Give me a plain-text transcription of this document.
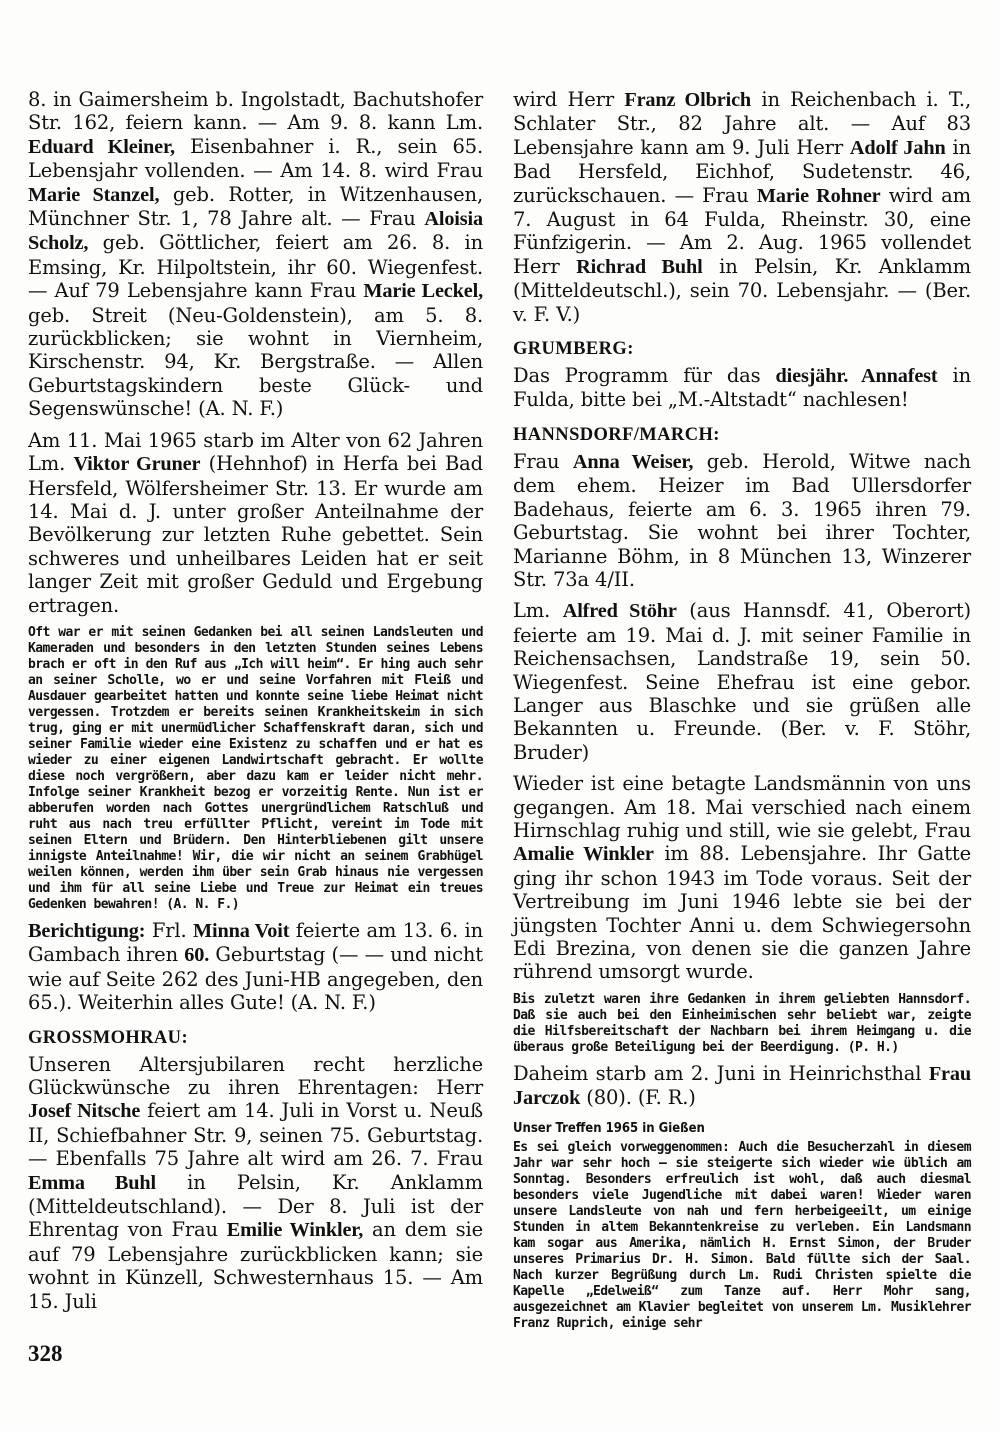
8. in Gaimersheim b. Ingolstadt, Bachutshofer Str. 162, feiern kann. — Am 9. 8. kann Lm. Eduard Kleiner, Eisenbahner i. R., sein 65. Lebensjahr vollenden. — Am 14. 8. wird Frau Marie Stanzel, geb. Rotter, in Witzenhausen, Münchner Str. 1, 78 Jahre alt. — Frau Aloisia Scholz, geb. Göttlicher, feiert am 26. 8. in Emsing, Kr. Hilpoltstein, ihr 60. Wiegenfest. — Auf 79 Lebensjahre kann Frau Marie Leckel, geb. Streit (Neu-Goldenstein), am 5. 8. zurückblicken; sie wohnt in Viernheim, Kirschenstr. 94, Kr. Bergstraße. — Allen Geburtstagskindern beste Glück- und Segenswünsche! (A. N. F.)

Am 11. Mai 1965 starb im Alter von 62 Jahren Lm. Viktor Gruner (Hehnhof) in Herfa bei Bad Hersfeld, Wölfersheimer Str. 13. Er wurde am 14. Mai d. J. unter großer Anteilnahme der Bevölkerung zur letzten Ruhe gebettet. Sein schweres und unheilbares Leiden hat er seit langer Zeit mit großer Geduld und Ergebung ertragen.

Oft war er mit seinen Gedanken bei all seinen Landsleuten und Kameraden und besonders in den letzten Stunden seines Lebens brach er oft in den Ruf aus „Ich will heim“. Er hing auch sehr an seiner Scholle, wo er und seine Vorfahren mit Fleiß und Ausdauer gearbeitet hatten und konnte seine liebe Heimat nicht vergessen. Trotzdem er bereits seinen Krankheitskeim in sich trug, ging er mit unermüdlicher Schaffenskraft daran, sich und seiner Familie wieder eine Existenz zu schaffen und er hat es wieder zu einer eigenen Landwirtschaft gebracht. Er wollte diese noch vergrößern, aber dazu kam er leider nicht mehr. Infolge seiner Krankheit bezog er vorzeitig Rente. Nun ist er abberufen worden nach Gottes unergründlichem Ratschluß und ruht aus nach treu erfüllter Pflicht, vereint im Tode mit seinen Eltern und Brüdern. Den Hinterbliebenen gilt unsere innigste Anteilnahme! Wir, die wir nicht an seinem Grabhügel weilen können, werden ihm über sein Grab hinaus nie vergessen und ihm für all seine Liebe und Treue zur Heimat ein treues Gedenken bewahren! (A. N. F.)

Berichtigung: Frl. Minna Voit feierte am 13. 6. in Gambach ihren 60. Geburtstag (— — und nicht wie auf Seite 262 des Juni-HB angegeben, den 65.). Weiterhin alles Gute! (A. N. F.)

GROSSMOHRAU:

Unseren Altersjubilaren recht herzliche Glückwünsche zu ihren Ehrentagen: Herr Josef Nitsche feiert am 14. Juli in Vorst u. Neuß II, Schiefbahner Str. 9, seinen 75. Geburtstag. — Ebenfalls 75 Jahre alt wird am 26. 7. Frau Emma Buhl in Pelsin, Kr. Anklamm (Mitteldeutschland). — Der 8. Juli ist der Ehrentag von Frau Emilie Winkler, an dem sie auf 79 Lebensjahre zurückblicken kann; sie wohnt in Künzell, Schwesternhaus 15. — Am 15. Juli

wird Herr Franz Olbrich in Reichenbach i. T., Schlater Str., 82 Jahre alt. — Auf 83 Lebensjahre kann am 9. Juli Herr Adolf Jahn in Bad Hersfeld, Eichhof, Sudetenstr. 46, zurückschauen. — Frau Marie Rohner wird am 7. August in 64 Fulda, Rheinstr. 30, eine Fünfzigerin. — Am 2. Aug. 1965 vollendet Herr Richrad Buhl in Pelsin, Kr. Anklamm (Mitteldeutschl.), sein 70. Lebensjahr. — (Ber. v. F. V.)

GRUMBERG:

Das Programm für das diesjähr. Annafest in Fulda, bitte bei „M.-Altstadt“ nachlesen!

HANNSDORF/MARCH:

Frau Anna Weiser, geb. Herold, Witwe nach dem ehem. Heizer im Bad Ullersdorfer Badehaus, feierte am 6. 3. 1965 ihren 79. Geburtstag. Sie wohnt bei ihrer Tochter, Marianne Böhm, in 8 München 13, Winzerer Str. 73a 4/II.

Lm. Alfred Stöhr (aus Hannsdf. 41, Oberort) feierte am 19. Mai d. J. mit seiner Familie in Reichensachsen, Landstraße 19, sein 50. Wiegenfest. Seine Ehefrau ist eine gebor. Langer aus Blaschke und sie grüßen alle Bekannten u. Freunde. (Ber. v. F. Stöhr, Bruder)

Wieder ist eine betagte Landsmännin von uns gegangen. Am 18. Mai verschied nach einem Hirnschlag ruhig und still, wie sie gelebt, Frau Amalie Winkler im 88. Lebensjahre. Ihr Gatte ging ihr schon 1943 im Tode voraus. Seit der Vertreibung im Juni 1946 lebte sie bei der jüngsten Tochter Anni u. dem Schwiegersohn Edi Brezina, von denen sie die ganzen Jahre rührend umsorgt wurde.

Bis zuletzt waren ihre Gedanken in ihrem geliebten Hannsdorf. Daß sie auch bei den Einheimischen sehr beliebt war, zeigte die Hilfsbereitschaft der Nachbarn bei ihrem Heimgang u. die überaus große Beteiligung bei der Beerdigung. (P. H.)

Daheim starb am 2. Juni in Heinrichsthal Frau Jarczok (80). (F. R.)

Unser Treffen 1965 in Gießen

Es sei gleich vorweggenommen: Auch die Besucherzahl in diesem Jahr war sehr hoch — sie steigerte sich wieder wie üblich am Sonntag. Besonders erfreulich ist wohl, daß auch diesmal besonders viele Jugendliche mit dabei waren! Wieder waren unsere Landsleute von nah und fern herbeigeeilt, um einige Stunden in altem Bekanntenkreise zu verleben. Ein Landsmann kam sogar aus Amerika, nämlich H. Ernst Simon, der Bruder unseres Primarius Dr. H. Simon. Bald füllte sich der Saal. Nach kurzer Begrüßung durch Lm. Rudi Christen spielte die Kapelle „Edelweiß“ zum Tanze auf. Herr Mohr sang, ausgezeichnet am Klavier begleitet von unserem Lm. Musiklehrer Franz Ruprich, einige sehr

328
